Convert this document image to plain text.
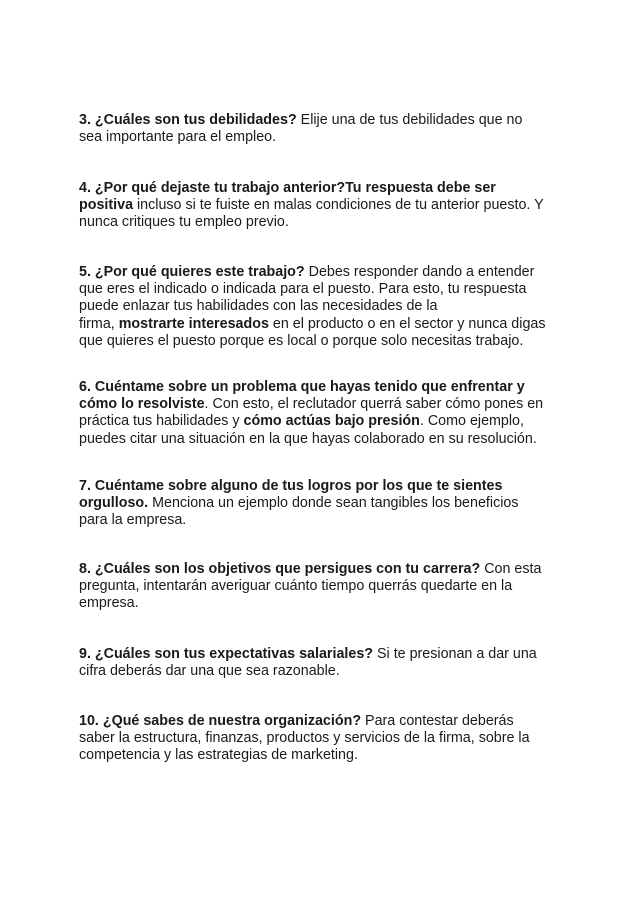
3. ¿Cuáles son tus debilidades? Elije una de tus debilidades que no
sea importante para el empleo.
4. ¿Por qué dejaste tu trabajo anterior?Tu respuesta debe ser
positiva incluso si te fuiste en malas condiciones de tu anterior puesto. Y
nunca critiques tu empleo previo.
5. ¿Por qué quieres este trabajo? Debes responder dando a entender
que eres el indicado o indicada para el puesto. Para esto, tu respuesta
puede enlazar tus habilidades con las necesidades de la
firma, mostrarte interesados en el producto o en el sector y nunca digas
que quieres el puesto porque es local o porque solo necesitas trabajo.
6. Cuéntame sobre un problema que hayas tenido que enfrentar y
cómo lo resolviste. Con esto, el reclutador querrá saber cómo pones en
práctica tus habilidades y cómo actúas bajo presión. Como ejemplo,
puedes citar una situación en la que hayas colaborado en su resolución.
7. Cuéntame sobre alguno de tus logros por los que te sientes
orgulloso. Menciona un ejemplo donde sean tangibles los beneficios
para la empresa.
8. ¿Cuáles son los objetivos que persigues con tu carrera? Con esta
pregunta, intentarán averiguar cuánto tiempo querrás quedarte en la
empresa.
9. ¿Cuáles son tus expectativas salariales? Si te presionan a dar una
cifra deberás dar una que sea razonable.
10. ¿Qué sabes de nuestra organización? Para contestar deberás
saber la estructura, finanzas, productos y servicios de la firma, sobre la
competencia y las estrategias de marketing.
